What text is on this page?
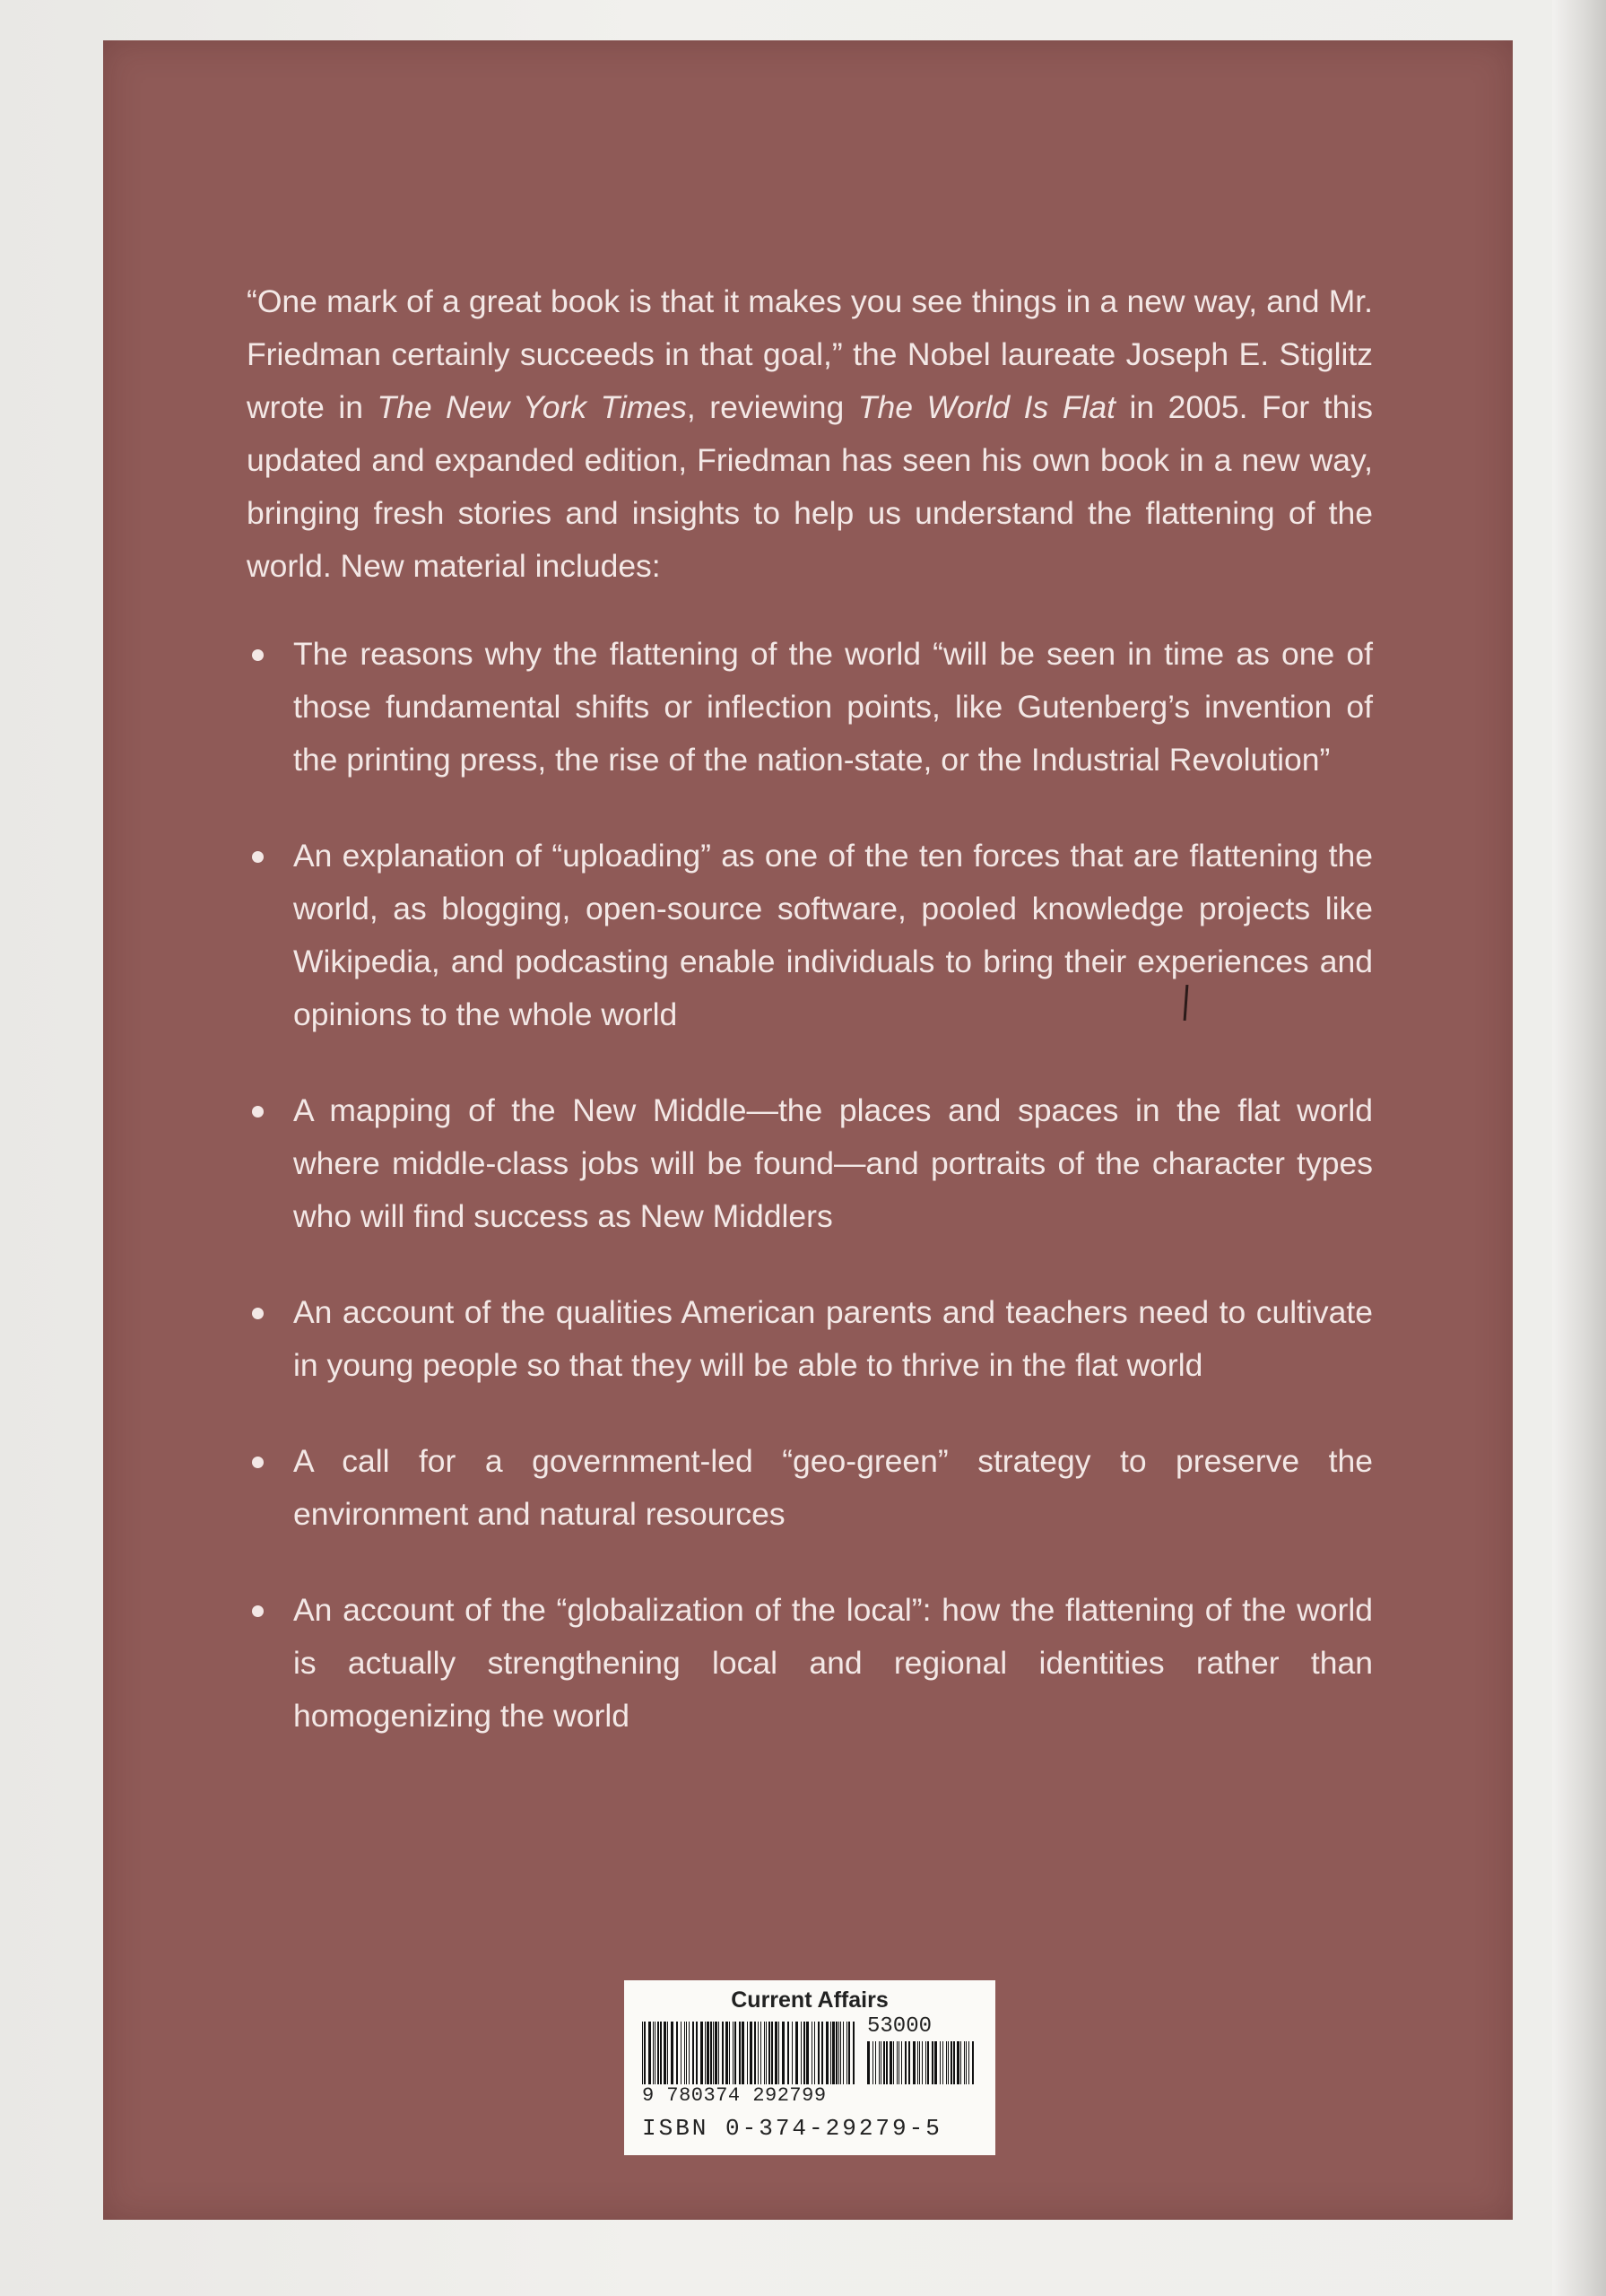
“One mark of a great book is that it makes you see things in a new way, and Mr. Friedman certainly succeeds in that goal,” the Nobel laureate Joseph E. Stiglitz wrote in The New York Times, reviewing The World Is Flat in 2005. For this updated and expanded edition, Friedman has seen his own book in a new way, bringing fresh stories and insights to help us understand the flattening of the world. New material includes:

The reasons why the flattening of the world “will be seen in time as one of those fundamental shifts or inflection points, like Gutenberg’s invention of the printing press, the rise of the nation-state, or the Industrial Revolution”
An explanation of “uploading” as one of the ten forces that are flattening the world, as blogging, open-source software, pooled knowledge projects like Wikipedia, and podcasting enable individuals to bring their experiences and opinions to the whole world
A mapping of the New Middle—the places and spaces in the flat world where middle-class jobs will be found—and portraits of the character types who will find success as New Middlers
An account of the qualities American parents and teachers need to cultivate in young people so that they will be able to thrive in the flat world
A call for a government-led “geo-green” strategy to preserve the environment and natural resources
An account of the “globalization of the local”: how the flattening of the world is actually strengthening local and regional identities rather than homogenizing the world
Current Affairs
53000
9 780374 292799
ISBN 0-374-29279-5
